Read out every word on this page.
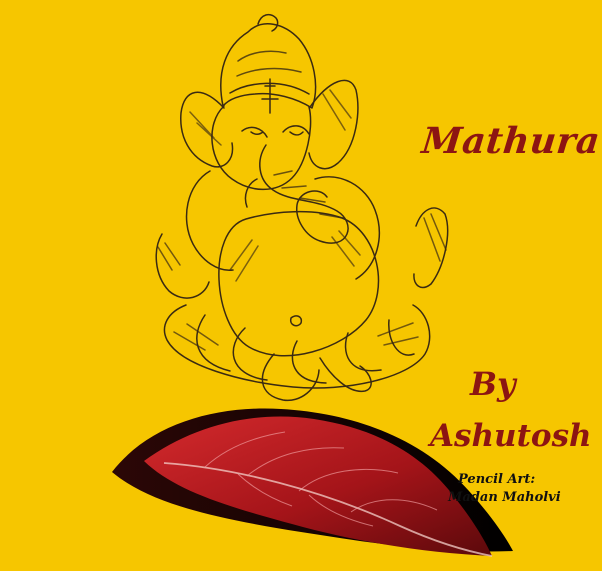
Mathura
By
Ashutosh
Pencil Art:
Madan Maholvi
